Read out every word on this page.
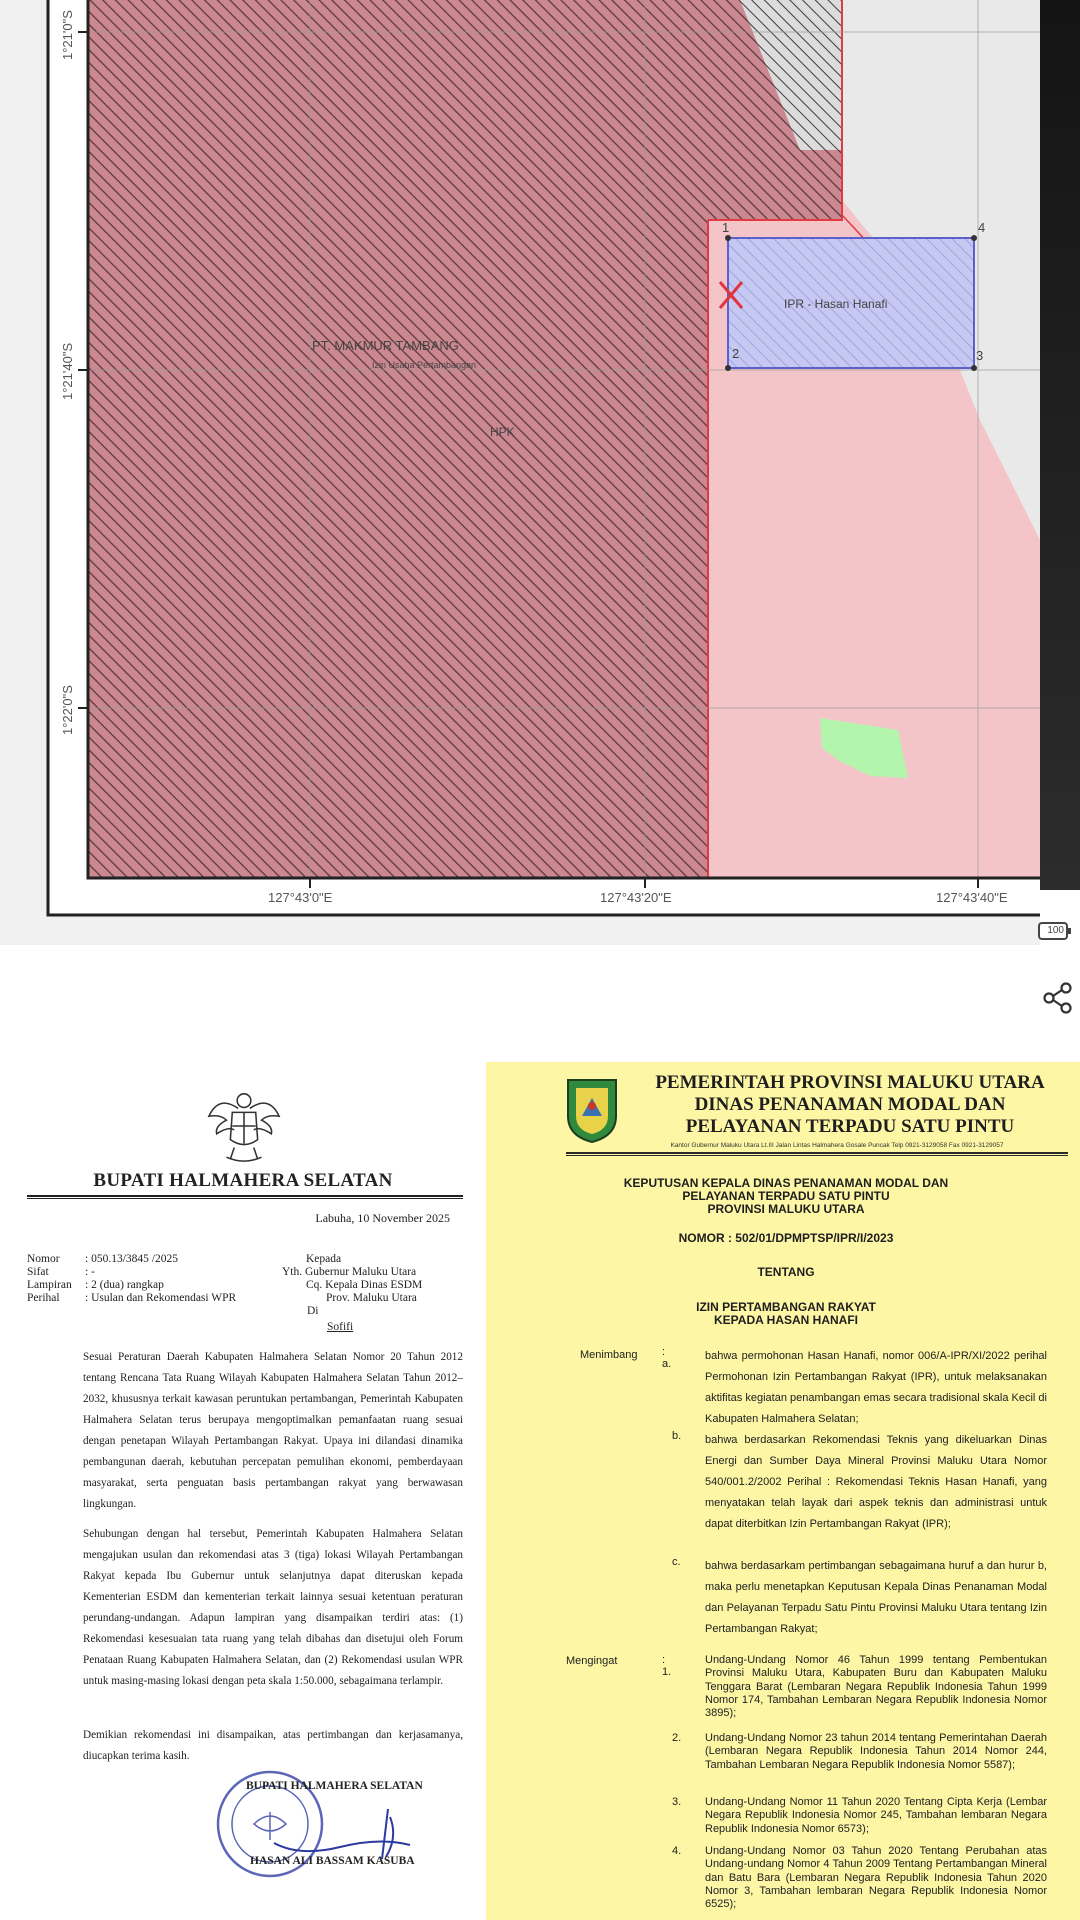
4
2	3
1
IPR - Hasan Hanafi
PT. MAKMUR TAMBANG
Izin Usaha Pertambangan
HPK
1°21'0"S
1°21'40"S
1°22'0"S
127°43'0"E	127°43'20"E	127°43'40"E
100
BUPATI HALMAHERA SELATAN
Labuha, 10 November 2025
Nomor	: 050.13/3845 /2025
Sifat	: -
Lampiran	: 2 (dua) rangkap
Perihal	: Usulan dan Rekomendasi WPR
Kepada
Yth. Gubernur Maluku Utara
Cq. Kepala Dinas ESDM
Prov. Maluku Utara
Di
Sofifi

Sesuai Peraturan Daerah Kabupaten Halmahera Selatan Nomor 20 Tahun 2012 tentang Rencana Tata Ruang Wilayah Kabupaten Halmahera Selatan Tahun 2012–2032, khususnya terkait kawasan peruntukan pertambangan, Pemerintah Kabupaten Halmahera Selatan terus berupaya mengoptimalkan pemanfaatan ruang sesuai dengan penetapan Wilayah Pertambangan Rakyat. Upaya ini dilandasi dinamika pembangunan daerah, kebutuhan percepatan pemulihan ekonomi, pemberdayaan masyarakat, serta penguatan basis pertambangan rakyat yang berwawasan lingkungan.

Sehubungan dengan hal tersebut, Pemerintah Kabupaten Halmahera Selatan mengajukan usulan dan rekomendasi atas 3 (tiga) lokasi Wilayah Pertambangan Rakyat kepada Ibu Gubernur untuk selanjutnya dapat diteruskan kepada Kementerian ESDM dan kementerian terkait lainnya sesuai ketentuan peraturan perundang-undangan. Adapun lampiran yang disampaikan terdiri atas: (1) Rekomendasi kesesuaian tata ruang yang telah dibahas dan disetujui oleh Forum Penataan Ruang Kabupaten Halmahera Selatan, dan (2) Rekomendasi usulan WPR untuk masing-masing lokasi dengan peta skala 1:50.000, sebagaimana terlampir.

Demikian rekomendasi ini disampaikan, atas pertimbangan dan kerjasamanya, diucapkan terima kasih.

BUPATI HALMAHERA SELATAN
HASAN ALI BASSAM KASUBA
PEMERINTAH PROVINSI MALUKU UTARA
DINAS PENANAMAN MODAL DAN
PELAYANAN TERPADU SATU PINTU
Kantor Gubernur Maluku Utara Lt.III Jalan Lintas Halmahera Gosale Puncak Telp 0921-3129058 Fax 0921-3129057
KEPUTUSAN KEPALA DINAS PENANAMAN MODAL DAN
PELAYANAN TERPADU SATU PINTU
PROVINSI MALUKU UTARA
NOMOR : 502/01/DPMPTSP/IPR/I/2023
TENTANG
IZIN PERTAMBANGAN RAKYAT
KEPADA HASAN HANAFI
Menimbang : a.
bahwa permohonan Hasan Hanafi, nomor 006/A-IPR/XI/2022 perihal Permohonan Izin Pertambangan Rakyat (IPR), untuk melaksanakan aktifitas kegiatan penambangan emas secara tradisional skala Kecil di Kabupaten Halmahera Selatan;
b. bahwa berdasarkan Rekomendasi Teknis yang dikeluarkan Dinas Energi dan Sumber Daya Mineral Provinsi Maluku Utara Nomor 540/001.2/2002 Perihal : Rekomendasi Teknis Hasan Hanafi, yang menyatakan telah layak dari aspek teknis dan administrasi untuk dapat diterbitkan Izin Pertambangan Rakyat (IPR);
c. bahwa berdasarkam pertimbangan sebagaimana huruf a dan hurur b, maka perlu menetapkan Keputusan Kepala Dinas Penanaman Modal dan Pelayanan Terpadu Satu Pintu Provinsi Maluku Utara tentang Izin Pertambangan Rakyat;
Mengingat	: 1.
Undang-Undang Nomor 46 Tahun 1999 tentang Pembentukan Provinsi Maluku Utara, Kabupaten Buru dan Kabupaten Maluku Tenggara Barat (Lembaran Negara Republik Indonesia Tahun 1999 Nomor 174, Tambahan Lembaran Negara Republik Indonesia Nomor 3895);
2. Undang-Undang Nomor 23 tahun 2014 tentang Pemerintahan Daerah (Lembaran Negara Republik Indonesia Tahun 2014 Nomor 244, Tambahan Lembaran Negara Republik Indonesia Nomor 5587);
3. Undang-Undang Nomor 11 Tahun 2020 Tentang Cipta Kerja (Lembar Negara Republik Indonesia Nomor 245, Tambahan lembaran Negara Republik Indonesia Nomor 6573);
4. Undang-Undang Nomor 03 Tahun 2020 Tentang Perubahan atas Undang-undang Nomor 4 Tahun 2009 Tentang Pertambangan Mineral dan Batu Bara (Lembaran Negara Republik Indonesia Tahun 2020 Nomor 3, Tambahan lembaran Negara Republik Indonesia Nomor 6525);
